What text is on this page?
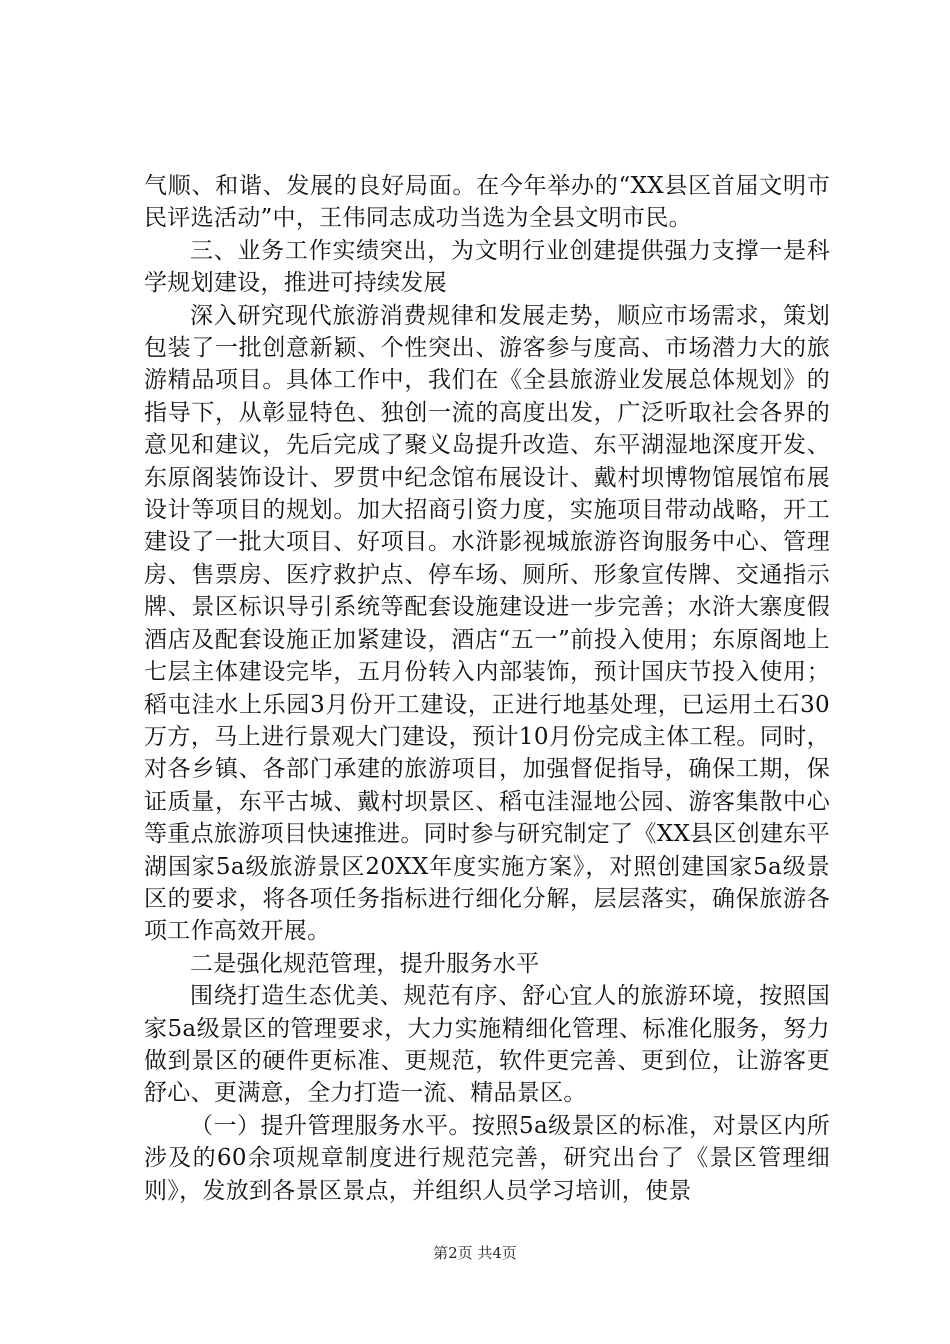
气顺、和谐、发展的良好局面。在今年举办的“XX县区首届文明市民评选活动”中，王伟同志成功当选为全县文明市民。

三、业务工作实绩突出，为文明行业创建提供强力支撑一是科学规划建设，推进可持续发展

深入研究现代旅游消费规律和发展走势，顺应市场需求，策划包装了一批创意新颖、个性突出、游客参与度高、市场潜力大的旅游精品项目。具体工作中，我们在《全县旅游业发展总体规划》的指导下，从彰显特色、独创一流的高度出发，广泛听取社会各界的意见和建议，先后完成了聚义岛提升改造、东平湖湿地深度开发、东原阁装饰设计、罗贯中纪念馆布展设计、戴村坝博物馆展馆布展设计等项目的规划。加大招商引资力度，实施项目带动战略，开工建设了一批大项目、好项目。水浒影视城旅游咨询服务中心、管理房、售票房、医疗救护点、停车场、厕所、形象宣传牌、交通指示牌、景区标识导引系统等配套设施建设进一步完善；水浒大寨度假酒店及配套设施正加紧建设，酒店“五一”前投入使用；东原阁地上七层主体建设完毕，五月份转入内部装饰，预计国庆节投入使用；稻屯洼水上乐园3月份开工建设，正进行地基处理，已运用土石30万方，马上进行景观大门建设，预计10月份完成主体工程。同时，对各乡镇、各部门承建的旅游项目，加强督促指导，确保工期，保证质量，东平古城、戴村坝景区、稻屯洼湿地公园、游客集散中心等重点旅游项目快速推进。同时参与研究制定了《XX县区创建东平湖国家5a级旅游景区20XX年度实施方案》，对照创建国家5a级景区的要求，将各项任务指标进行细化分解，层层落实，确保旅游各项工作高效开展。

二是强化规范管理，提升服务水平

围绕打造生态优美、规范有序、舒心宜人的旅游环境，按照国家5a级景区的管理要求，大力实施精细化管理、标准化服务，努力做到景区的硬件更标准、更规范，软件更完善、更到位，让游客更舒心、更满意，全力打造一流、精品景区。

（一）提升管理服务水平。按照5a级景区的标准，对景区内所涉及的60余项规章制度进行规范完善，研究出台了《景区管理细则》，发放到各景区景点，并组织人员学习培训，使景

第2页 共4页
